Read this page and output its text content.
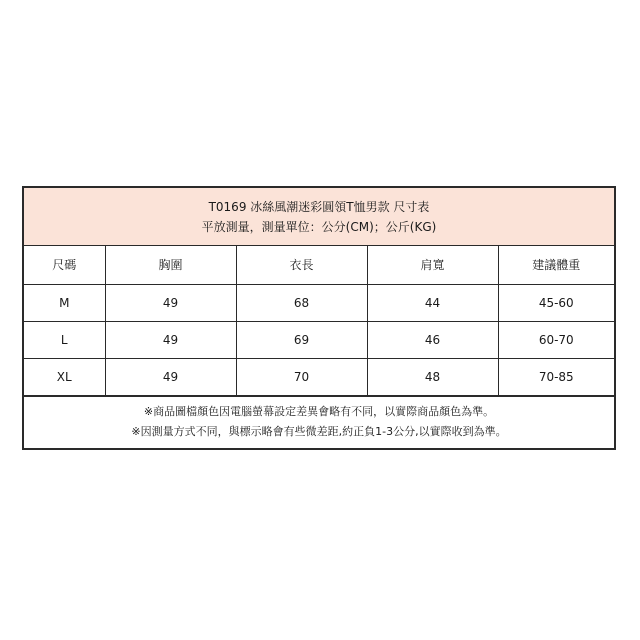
T0169 冰絲風潮迷彩圓領T恤男款 尺寸表
平放測量，測量單位：公分(CM)；公斤(KG)
尺碼	胸圍	衣長	肩寬	建議體重
M	49	68	44	45-60
L	49	69	46	60-70
XL	49	70	48	70-85
※商品圖檔顏色因電腦螢幕設定差異會略有不同，以實際商品顏色為準。
※因測量方式不同，與標示略會有些微差距,約正負1-3公分,以實際收到為準。
